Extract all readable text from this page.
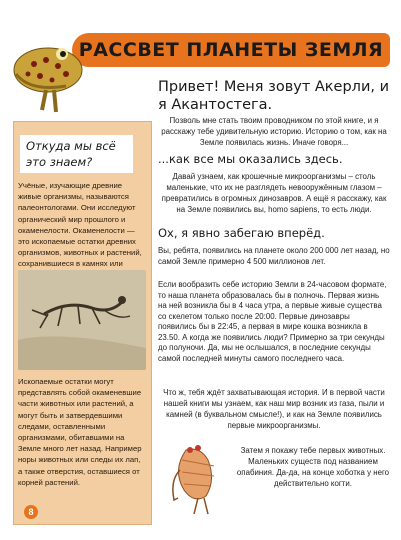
РАССВЕТ ПЛАНЕТЫ ЗЕМЛЯ
Откуда мы всё это знаем?
Учёные, изучающие древние живые организмы, называются палеонтологами. Они исследуют органический мир прошлого и окаменелости. Окаменелости — это ископаемые остатки древних организмов, животных и растений, сохранившиеся в камнях или
Ископаемые остатки могут представлять собой окаменевшие части животных или растений, а могут быть и затвердевшими следами, оставленными организмами, обитавшими на Земле много лет назад. Например норы животных или следы их лап, а также отверстия, оставшиеся от корней растений.
8
Привет! Меня зовут Акерли, и я Акантостега.
Позволь мне стать твоим проводником по этой книге, и я расскажу тебе удивительную историю. Историю о том, как на Земле появилась жизнь. Иначе говоря...
...как все мы оказались здесь.
Давай узнаем, как крошечные микроорганизмы – столь маленькие, что их не разглядеть невооружённым глазом – превратились в огромных динозавров. А ещё я расскажу, как на Земле появились вы, homo sapiens, то есть люди.
Ох, я явно забегаю вперёд.
Вы, ребята, появились на планете около 200 000 лет назад, но самой Земле примерно 4 500 миллионов лет.
Если вообразить себе историю Земли в 24-часовом формате, то наша планета образовалась бы в полночь. Первая жизнь на ней возникла бы в 4 часа утра, а первые живые существа со скелетом только после 20:00. Первые динозавры появились бы в 22:45, а первая в мире кошка возникла в 23.50. А когда же появились люди? Примерно за три секунды до полуночи. Да, мы не ослышался, в последние секунды самой последней минуты самого последнего часа.
Что ж, тебя ждёт захватывающая история. И в первой части нашей книги мы узнаем, как наш мир возник из газа, пыли и камней (в буквальном смысле!), и как на Земле появились первые микроорганизмы.
Затем я покажу тебе первых животных. Маленьких существ под названием опабиния. Да-да, на конце хоботка у него действительно когти.
